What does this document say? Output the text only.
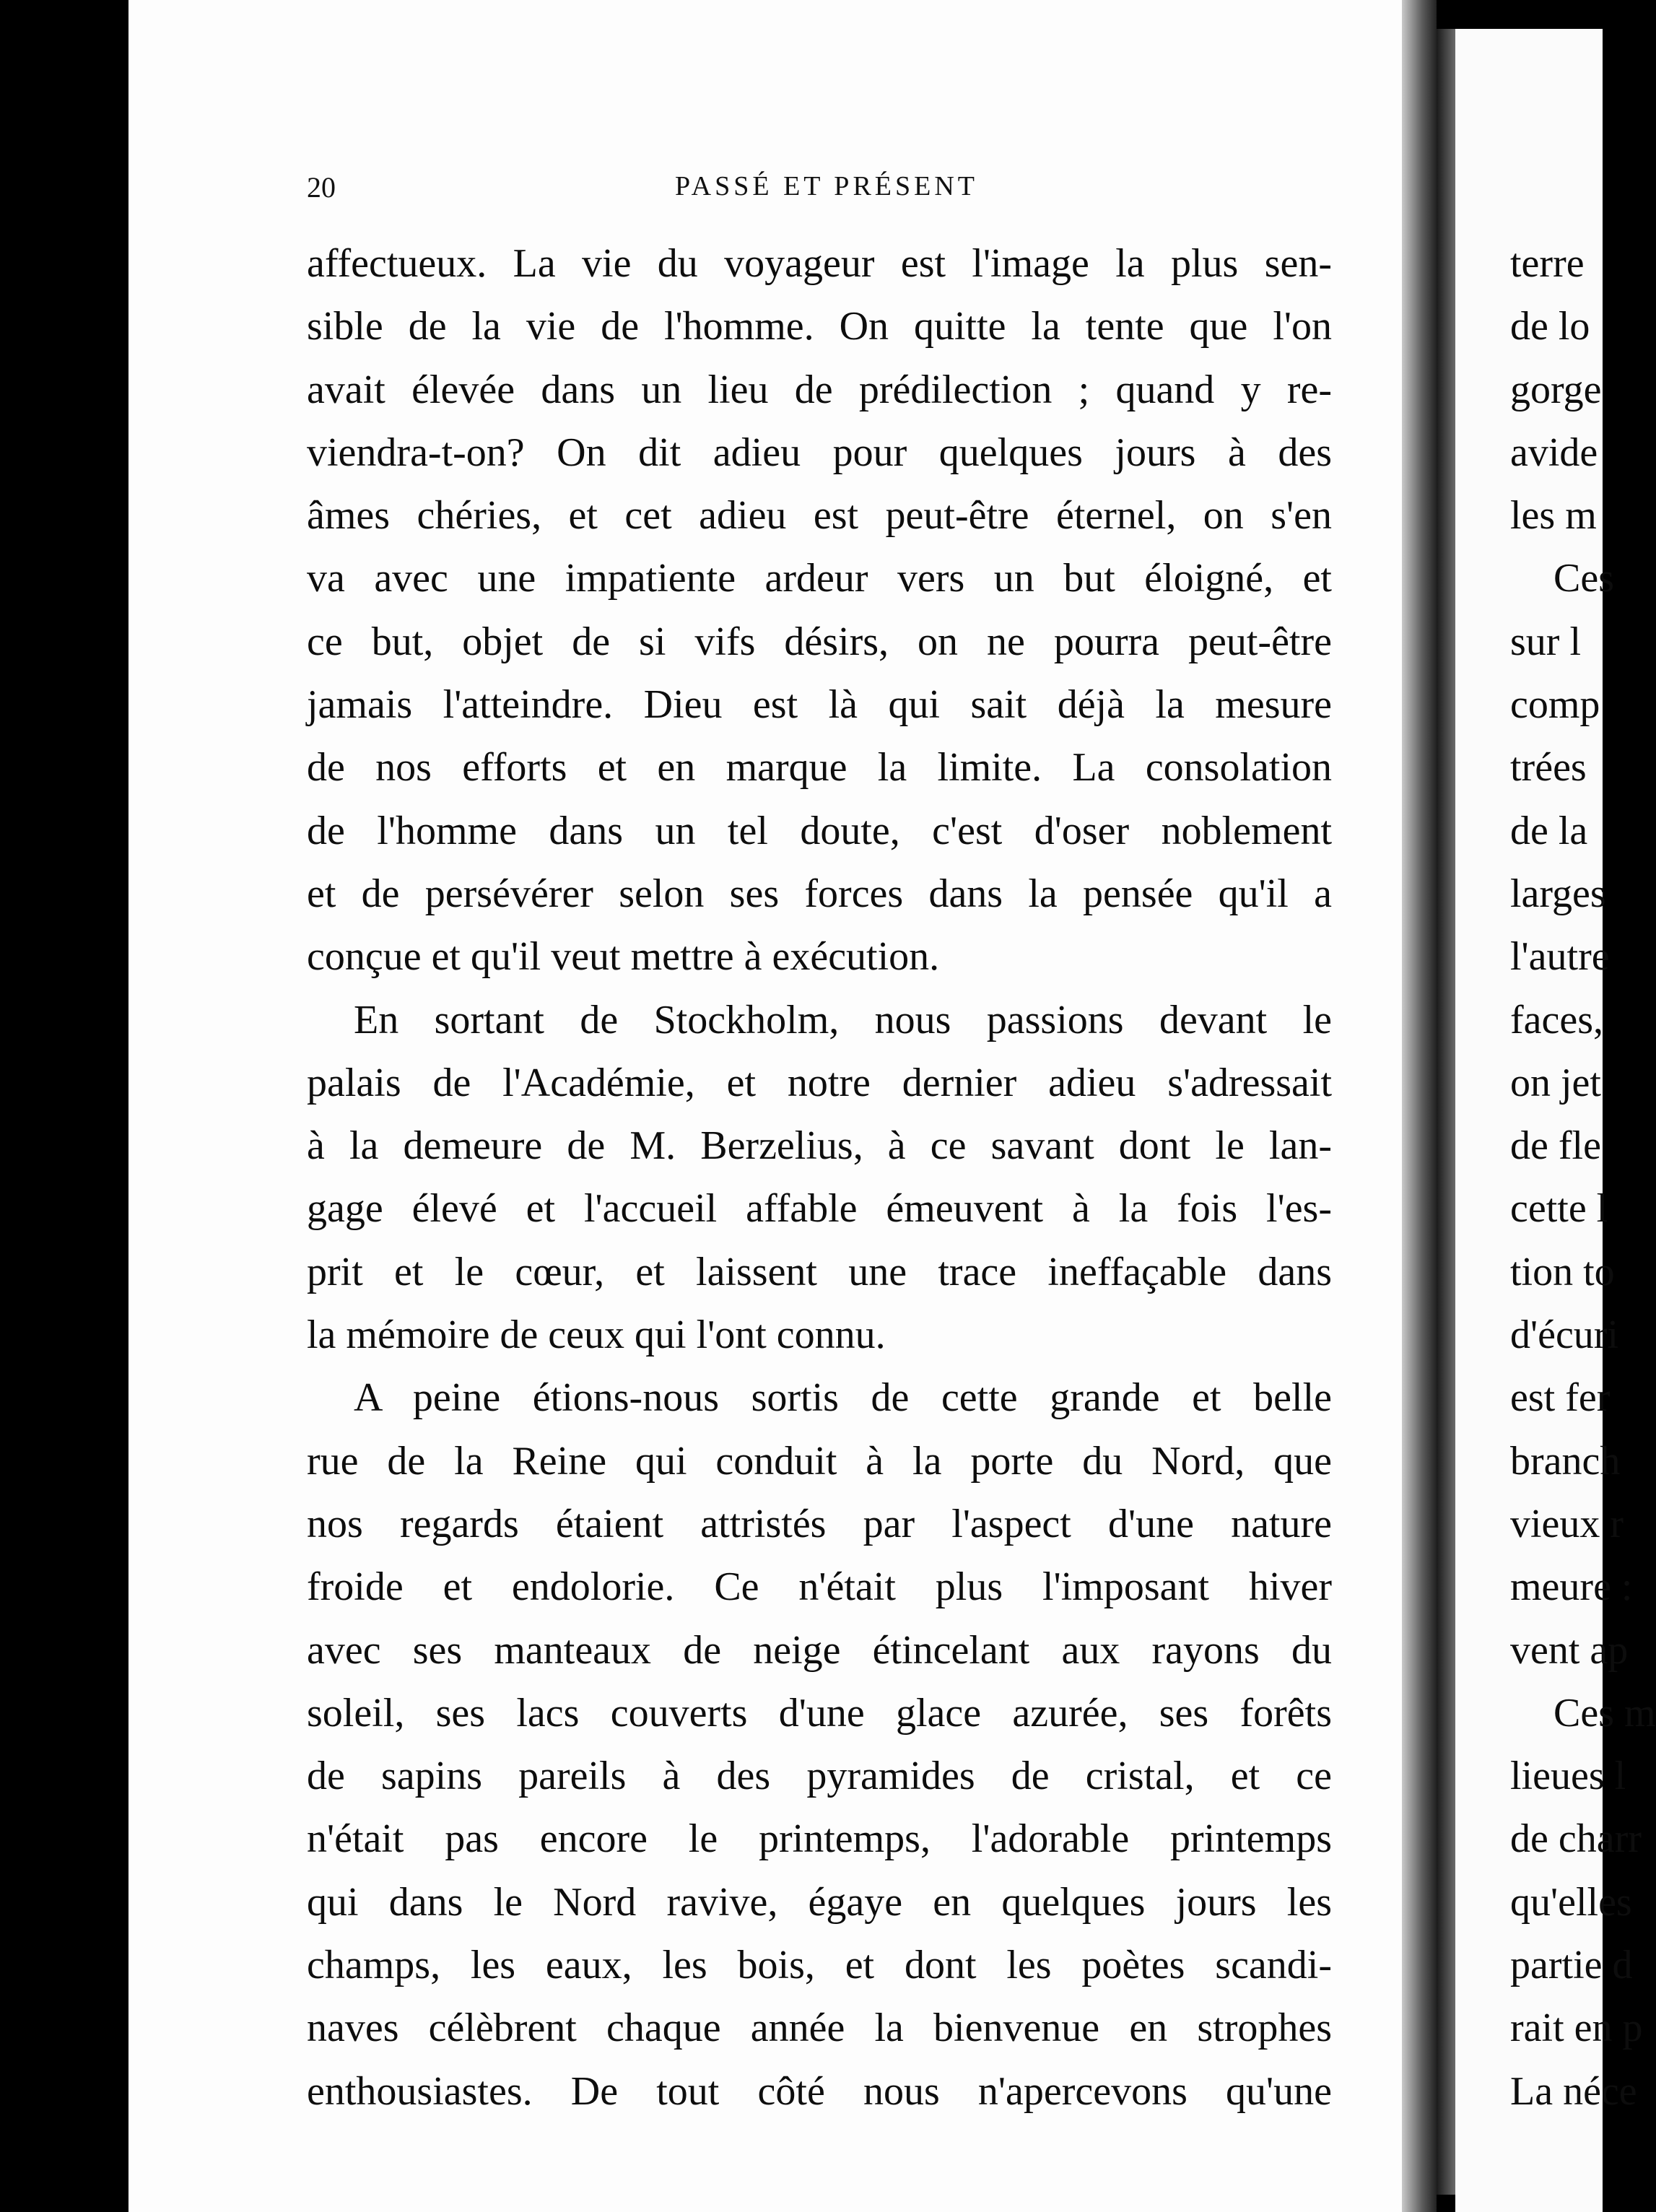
20	PASSÉ ET PRÉSENT
affectueux. La vie du voyageur est l'image la plus sen-
sible de la vie de l'homme. On quitte la tente que l'on
avait élevée dans un lieu de prédilection ; quand y re-
viendra-t-on? On dit adieu pour quelques jours à des
âmes chéries, et cet adieu est peut-être éternel, on s'en
va avec une impatiente ardeur vers un but éloigné, et
ce but, objet de si vifs désirs, on ne pourra peut-être
jamais l'atteindre. Dieu est là qui sait déjà la mesure
de nos efforts et en marque la limite. La consolation
de l'homme dans un tel doute, c'est d'oser noblement
et de persévérer selon ses forces dans la pensée qu'il a
conçue et qu'il veut mettre à exécution.
En sortant de Stockholm, nous passions devant le
palais de l'Académie, et notre dernier adieu s'adressait
à la demeure de M. Berzelius, à ce savant dont le lan-
gage élevé et l'accueil affable émeuvent à la fois l'es-
prit et le cœur, et laissent une trace ineffaçable dans
la mémoire de ceux qui l'ont connu.
A peine étions-nous sortis de cette grande et belle
rue de la Reine qui conduit à la porte du Nord, que
nos regards étaient attristés par l'aspect d'une nature
froide et endolorie. Ce n'était plus l'imposant hiver
avec ses manteaux de neige étincelant aux rayons du
soleil, ses lacs couverts d'une glace azurée, ses forêts
de sapins pareils à des pyramides de cristal, et ce
n'était pas encore le printemps, l'adorable printemps
qui dans le Nord ravive, égaye en quelques jours les
champs, les eaux, les bois, et dont les poètes scandi-
naves célèbrent chaque année la bienvenue en strophes
enthousiastes. De tout côté nous n'apercevons qu'une
terre
de lo
gorge
avide
les m
Ces
sur l
comp
trées
de la
larges
l'autre
faces,
on jet
de fle
cette l
tion to
d'écuri
est fer
branch
vieux r
meure :
vent ap
Ces m
lieues l
de charr
qu'elles
partie d
rait en p
La néce
